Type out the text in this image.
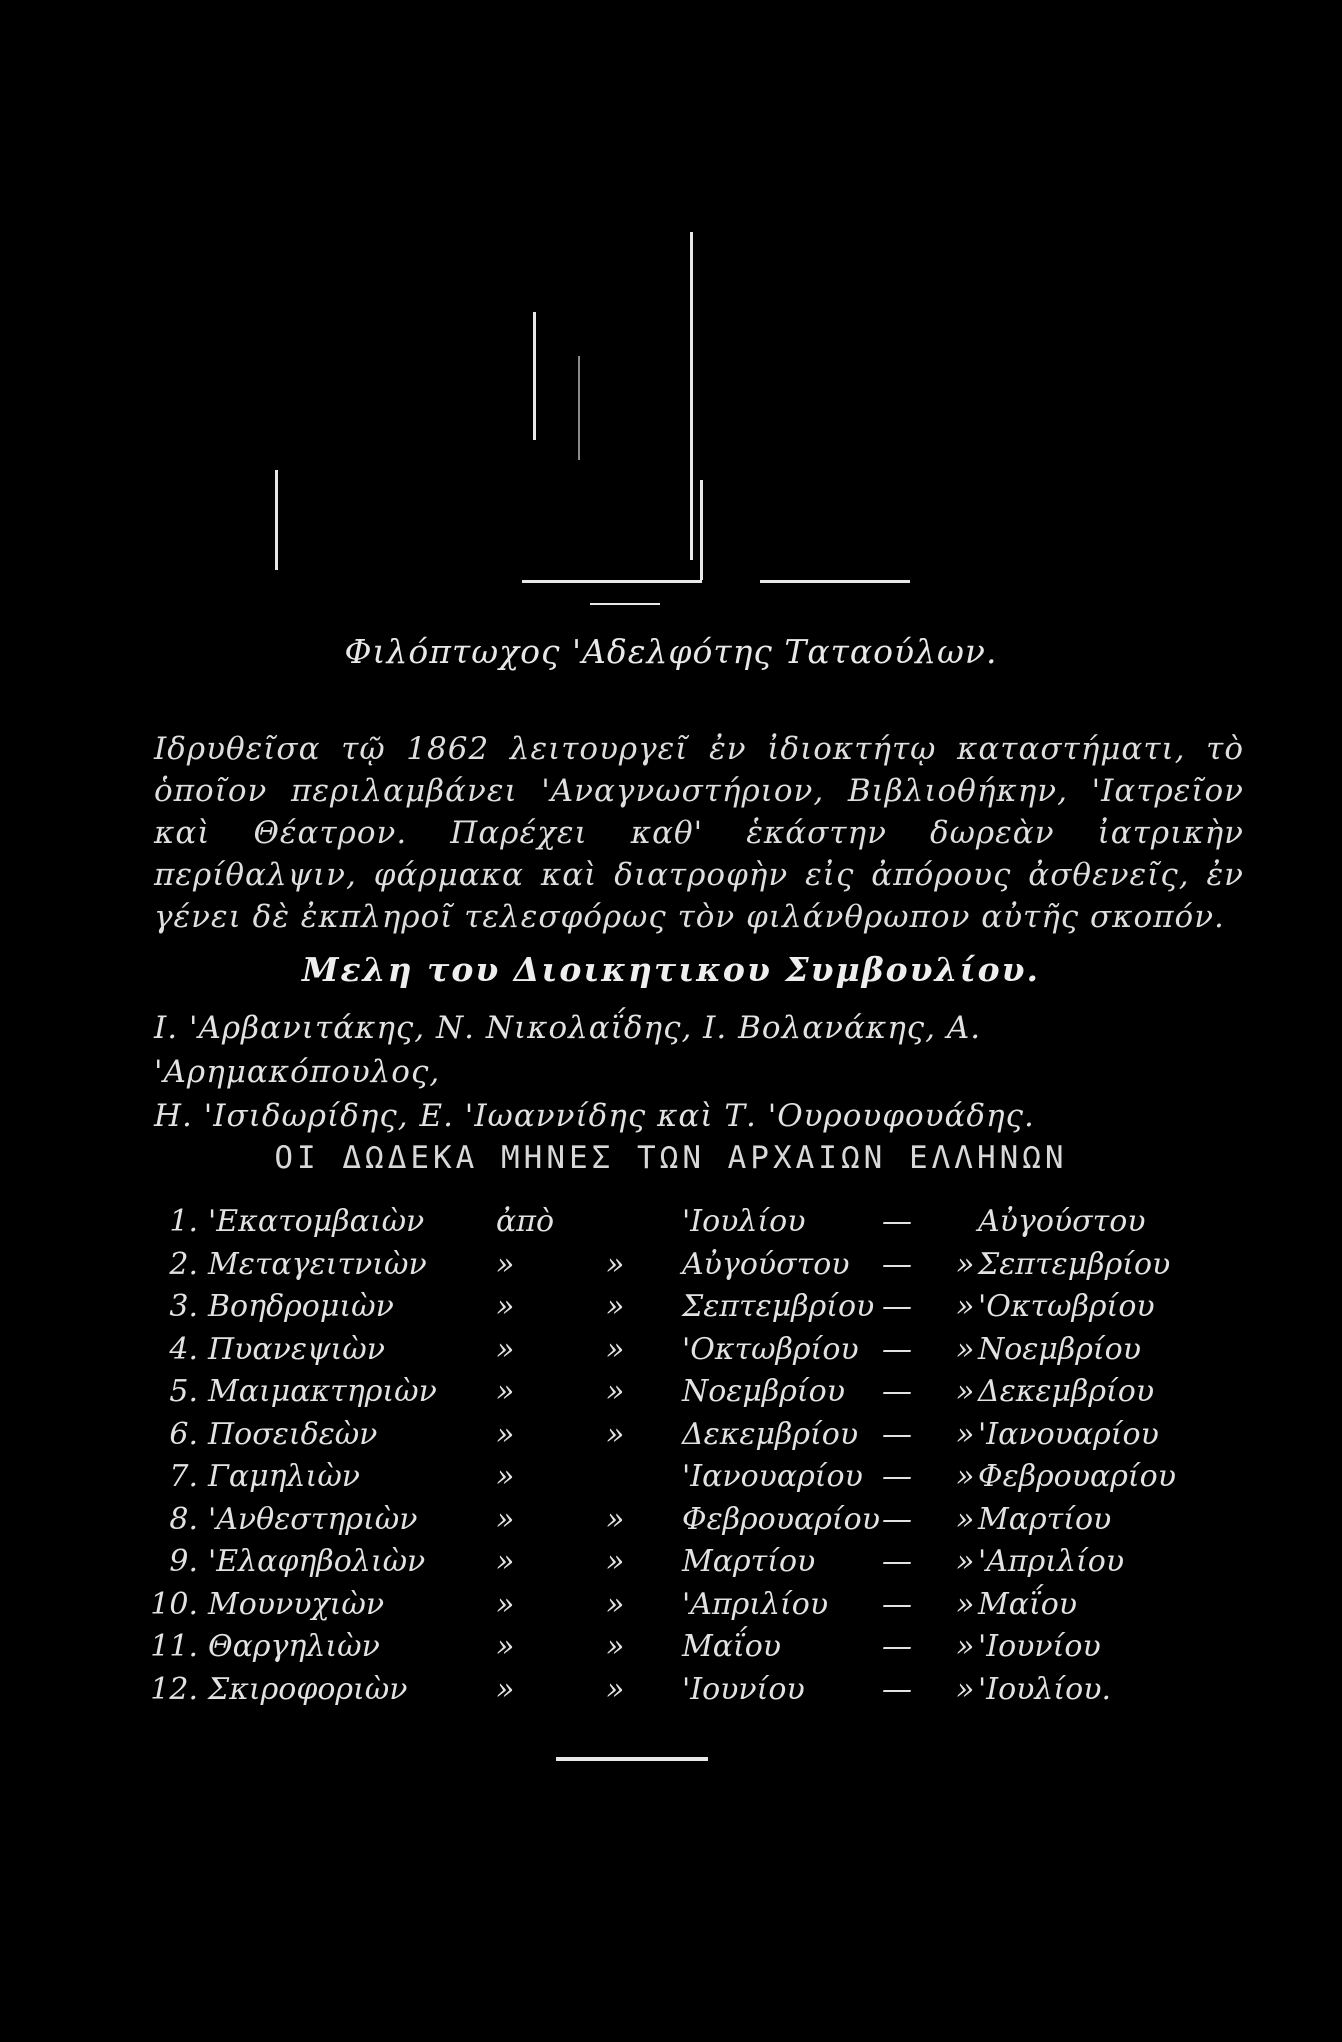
Φιλόπτωχος 'Αδελφότης Ταταούλων.
Ιδρυθεῖσα τῷ 1862 λειτουργεῖ ἐν ἰδιοκτήτῳ καταστήματι, τὸ ὁποῖον περιλαμβάνει 'Αναγνωστήριον, Βιβλιοθήκην, 'Ιατρεῖον καὶ Θέατρον. Παρέχει καθ' ἑκάστην δωρεὰν ἰατρικὴν περίθαλψιν, φάρμακα καὶ διατροφὴν εἰς ἀπόρους ἀσθενεῖς, ἐν γένει δὲ ἐκπληροῖ τελεσφόρως τὸν φιλάνθρωπον αὐτῆς σκοπόν.
Μελη του Διοικητικου Συμβουλίου.
Ι. 'Αρβανιτάκης, Ν. Νικολαΐδης, Ι. Βολανάκης, Α. 'Αρημακόπουλος,
Η. 'Ισιδωρίδης, Ε. 'Ιωαννίδης καὶ Τ. 'Ουρουφουάδης.
ΟΙ ΔΩΔΕΚΑ ΜΗΝΕΣ ΤΩΝ ΑΡΧΑΙΩΝ ΕΛΛΗΝΩΝ
1. 'Εκατομβαιὼν ἀπὸ	'Ιουλίου	— Αὐγούστου
2. Μεταγειτνιὼν »	» Αὐγούστου — » Σεπτεμβρίου
3. Βοηδρομιὼν	»	» Σεπτεμβρίου — » 'Οκτωβρίου
4. Πυανεψιὼν	»	» 'Οκτωβρίου — » Νοεμβρίου
5. Μαιμακτηριὼν »	» Νοεμβρίου — » Δεκεμβρίου
6. Ποσειδεὼν	»	» Δεκεμβρίου — » 'Ιανουαρίου
7. Γαμηλιὼν	»	'Ιανουαρίου — » Φεβρουαρίου
8. 'Ανθεστηριὼν	»	» Φεβρουαρίου — » Μαρτίου
9. 'Ελαφηβολιὼν »	» Μαρτίου — » 'Απριλίου
10. Μουνυχιὼν	»	» 'Απριλίου — » Μαΐου
11. Θαργηλιὼν	»	» Μαΐου	— » 'Ιουνίου
12. Σκιροφοριὼν	»	» 'Ιουνίου	— » 'Ιουλίου.
